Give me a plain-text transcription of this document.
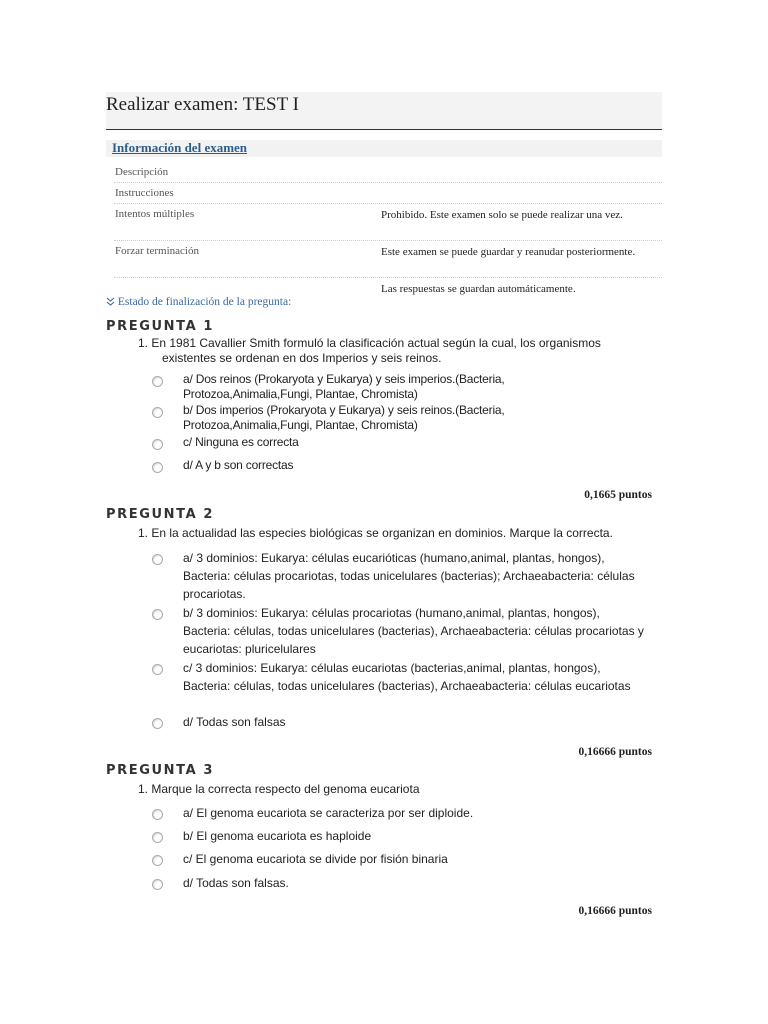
Realizar examen: TEST I
Información del examen
Descripción
Instrucciones
Intentos múltiples	Prohibido. Este examen solo se puede realizar una vez.
Forzar terminación	Este examen se puede guardar y reanudar posteriormente.
Las respuestas se guardan automáticamente.
Estado de finalización de la pregunta:
PREGUNTA 1
1. En 1981 Cavallier Smith formuló la clasificación actual según la cual, los organismos
existentes se ordenan en dos Imperios y seis reinos.
a/ Dos reinos (Prokaryota y Eukarya) y seis imperios.(Bacteria, Protozoa,Animalia,Fungi, Plantae, Chromista)
b/ Dos imperios (Prokaryota y Eukarya) y seis reinos.(Bacteria, Protozoa,Animalia,Fungi, Plantae, Chromista)
c/ Ninguna es correcta
d/ A y b son correctas
0,1665 puntos
PREGUNTA 2
1. En la actualidad las especies biológicas se organizan en dominios. Marque la correcta.
a/ 3 dominios: Eukarya: células eucarióticas (humano,animal, plantas, hongos), Bacteria: células procariotas, todas unicelulares (bacterias); Archaeabacteria: células procariotas.
b/ 3 dominios: Eukarya: células procariotas (humano,animal, plantas, hongos), Bacteria: células, todas unicelulares (bacterias), Archaeabacteria: células procariotas y eucariotas: pluricelulares
c/ 3 dominios: Eukarya: células eucariotas (bacterias,animal, plantas, hongos), Bacteria: células, todas unicelulares (bacterias), Archaeabacteria: células eucariotas
d/ Todas son falsas
0,16666 puntos
PREGUNTA 3
1. Marque la correcta respecto del genoma eucariota
a/ El genoma eucariota se caracteriza por ser diploide.
b/ El genoma eucariota es haploide
c/ El genoma eucariota se divide por fisión binaria
d/ Todas son falsas.
0,16666 puntos
